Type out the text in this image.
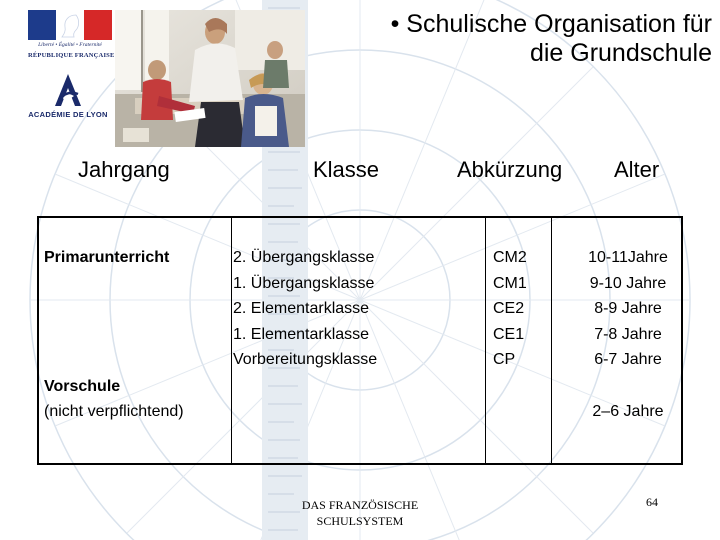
Liberté • Égalité • Fraternité
RÉPUBLIQUE FRANÇAISE
ACADÉMIE DE LYON
• Schulische Organisation für
die Grundschule
Jahrgang	Klasse	Abkürzung Alter
Primarunterricht
Vorschule
(nicht verpflichtend)
2. Übergangsklasse
1. Übergangsklasse
2. Elementarklasse
1. Elementarklasse
Vorbereitungsklasse
CM2
CM1
CE2
CE1
CP
10-11Jahre
9-10 Jahre
8-9 Jahre
7-8 Jahre
6-7 Jahre
2–6 Jahre
DAS FRANZÖSISCHE
SCHULSYSTEM
64
